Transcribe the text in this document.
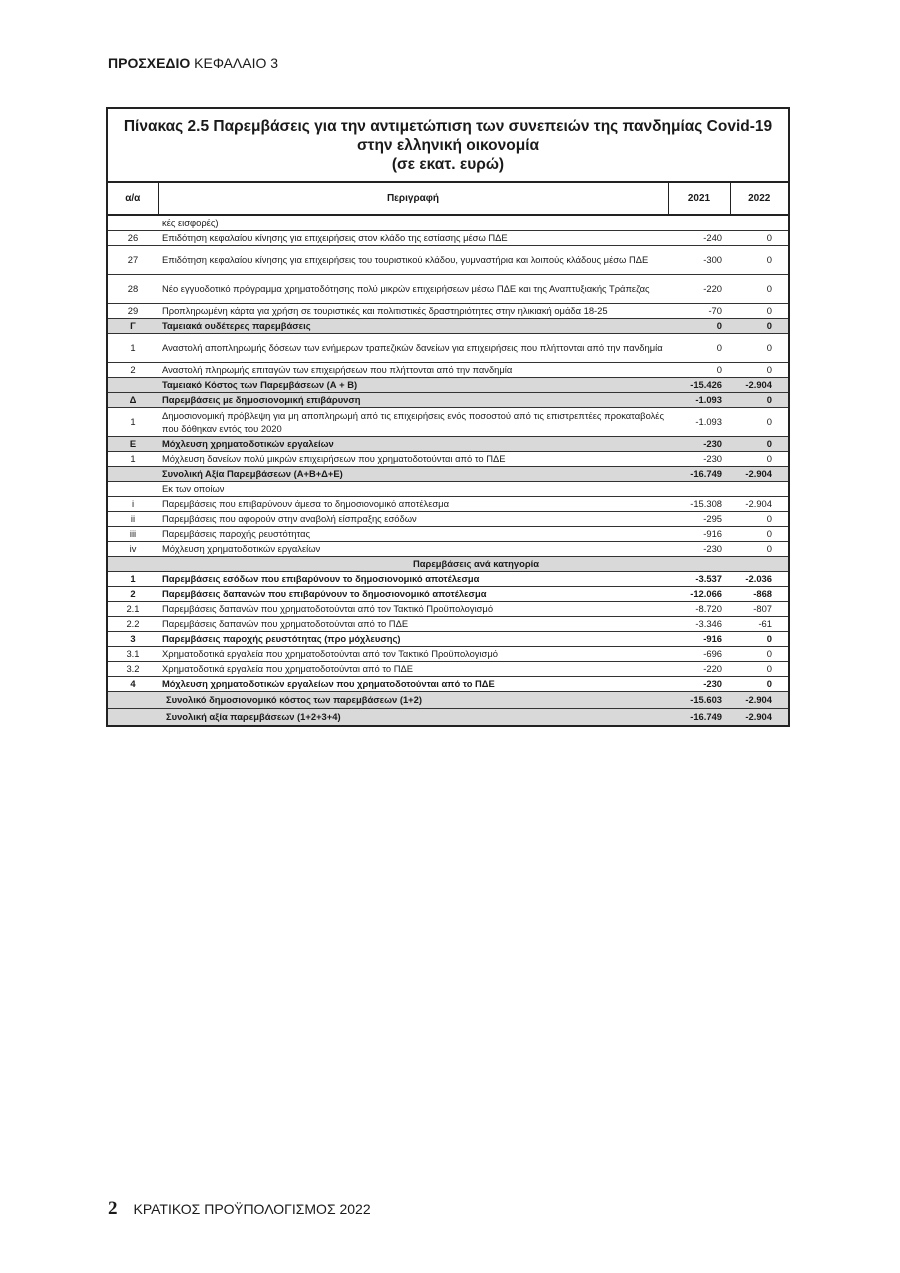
ΠΡΟΣΧΕΔΙΟ ΚΕΦΑΛΑΙΟ 3
Πίνακας 2.5 Παρεμβάσεις για την αντιμετώπιση των συνεπειών της πανδημίας Covid-19
στην ελληνική οικονομία
(σε εκατ. ευρώ)
α/α	Περιγραφή	2021	2022
	κές εισφορές)		
26	Επιδότηση κεφαλαίου κίνησης για επιχειρήσεις στον κλάδο της εστίασης μέσω ΠΔΕ	-240	0
27	Επιδότηση κεφαλαίου κίνησης για επιχειρήσεις του τουριστικού κλάδου, γυμναστήρια και λοιπούς κλάδους μέσω ΠΔΕ	-300	0
28	Νέο εγγυοδοτικό πρόγραμμα χρηματοδότησης πολύ μικρών επιχειρήσεων μέσω ΠΔΕ και της Αναπτυξιακής Τράπεζας	-220	0
29	Προπληρωμένη κάρτα για χρήση σε τουριστικές και πολιτιστικές δραστηριότητες στην ηλικιακή ομάδα 18-25	-70	0
Γ	Ταμειακά ουδέτερες παρεμβάσεις	0	0
1	Αναστολή αποπληρωμής δόσεων των ενήμερων τραπεζικών δανείων για επιχειρήσεις που πλήττονται από την πανδημία	0	0
2	Αναστολή πληρωμής επιταγών των επιχειρήσεων που πλήττονται από την πανδημία	0	0
	Ταμειακό Κόστος των Παρεμβάσεων (Α + Β)	-15.426	-2.904
Δ	Παρεμβάσεις με δημοσιονομική επιβάρυνση	-1.093	0
1	Δημοσιονομική πρόβλεψη για μη αποπληρωμή από τις επιχειρήσεις ενός ποσοστού από τις επιστρεπτέες προκαταβολές που δόθηκαν εντός του 2020	-1.093	0
Ε	Μόχλευση χρηματοδοτικών εργαλείων	-230	0
1	Μόχλευση δανείων πολύ μικρών επιχειρήσεων που χρηματοδοτούνται από το ΠΔΕ	-230	0
	Συνολική Αξία Παρεμβάσεων (Α+Β+Δ+Ε)	-16.749	-2.904
	Εκ των οποίων		
i	Παρεμβάσεις που επιβαρύνουν άμεσα το δημοσιονομικό αποτέλεσμα	-15.308	-2.904
ii	Παρεμβάσεις που αφορούν στην αναβολή είσπραξης εσόδων	-295	0
iii	Παρεμβάσεις παροχής ρευστότητας	-916	0
iv	Μόχλευση χρηματοδοτικών εργαλείων	-230	0
Παρεμβάσεις ανά κατηγορία			
1	Παρεμβάσεις εσόδων που επιβαρύνουν το δημοσιονομικό αποτέλεσμα	-3.537	-2.036
2	Παρεμβάσεις δαπανών που επιβαρύνουν το δημοσιονομικό αποτέλεσμα	-12.066	-868
2.1	Παρεμβάσεις δαπανών που χρηματοδοτούνται από τον Τακτικό Προϋπολογισμό	-8.720	-807
2.2	Παρεμβάσεις δαπανών που χρηματοδοτούνται από το ΠΔΕ	-3.346	-61
3	Παρεμβάσεις παροχής ρευστότητας (προ μόχλευσης)	-916	0
3.1	Χρηματοδοτικά εργαλεία που χρηματοδοτούνται από τον Τακτικό Προϋπολογισμό	-696	0
3.2	Χρηματοδοτικά εργαλεία που χρηματοδοτούνται από το ΠΔΕ	-220	0
4	Μόχλευση χρηματοδοτικών εργαλείων που χρηματοδοτούνται από το ΠΔΕ	-230	0
	Συνολικό δημοσιονομικό κόστος των παρεμβάσεων (1+2)	-15.603	-2.904
	Συνολική αξία παρεμβάσεων (1+2+3+4)	-16.749	-2.904
2 ΚΡΑΤΙΚΟΣ ΠΡΟΫΠΟΛΟΓΙΣΜΟΣ 2022
